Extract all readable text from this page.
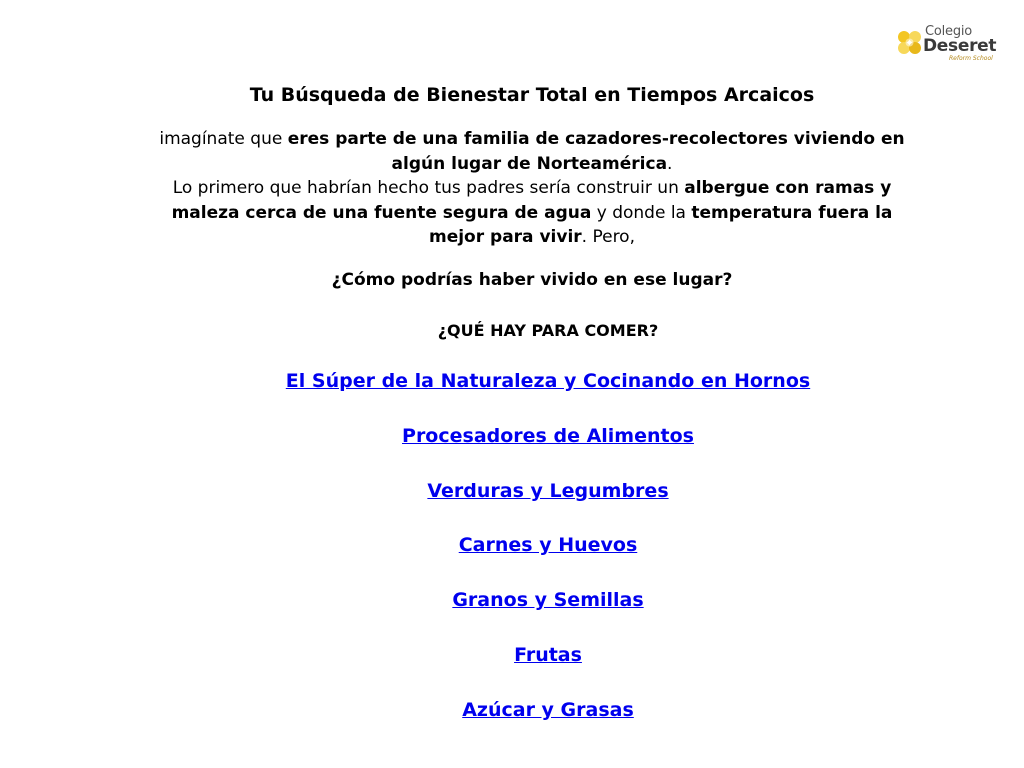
Colegio
Deseret
Reform School
Tu Búsqueda de Bienestar Total en Tiempos Arcaicos
imagínate que eres parte de una familia de cazadores-recolectores viviendo en algún lugar de Norteamérica.
Lo primero que habrían hecho tus padres sería construir un albergue con ramas y maleza cerca de una fuente segura de agua y donde la temperatura fuera la mejor para vivir. Pero,
¿Cómo podrías haber vivido en ese lugar?
¿QUÉ HAY PARA COMER?
El Súper de la Naturaleza y Cocinando en Hornos
Procesadores de Alimentos
Verduras y Legumbres
Carnes y Huevos
Granos y Semillas
Frutas
Azúcar y Grasas
